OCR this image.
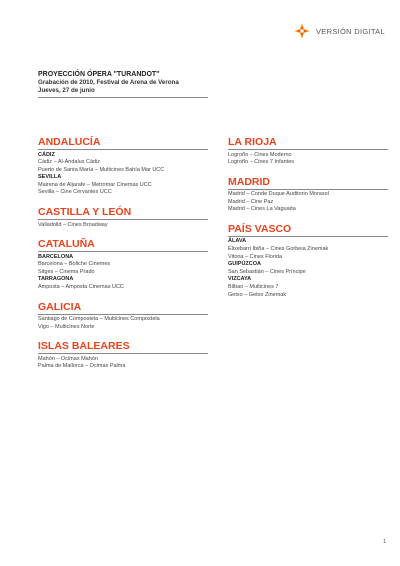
VERSIÓN DIGITAL
PROYECCIÓN ÓPERA "TURANDOT"
Grabación de 2010, Festival de Arena de Verona
Jueves, 27 de junio
ANDALUCÍA
CÁDIZ
Cádiz – Al-Andalus Cádiz
Puerto de Santa María – Multicines Bahía Mar UCC
SEVILLA
Mairena de Aljarafe – Metromar Cinemas UCC
Sevilla – Cine Cervantes UCC
CASTILLA Y LEÓN
Valladolid – Cines Broadway
CATALUÑA
BARCELONA
Barcelona – Boliche Cinemes
Sitges – Cinema Prado
TARRAGONA
Amposta – Amposta Cinemas UCC
GALICIA
Santiago de Compostela – Multicines Compostela
Vigo – Multicines Norte
ISLAS BALEARES
Mahón – Ocimax Mahón
Palma de Mallorca – Ocimax Palma
LA RIOJA
Logroño – Cines Moderno
Logroño – Cines 7 Infantes
MADRID
Madrid – Conde Duque Auditorio Morasol
Madrid – Cine Paz
Madrid – Cines La Vaguada
PAÍS VASCO
ÁLAVA
Elixebarri Ibiña – Cines Gorbeia Zinemak
Vitoria – Cines Florida
GUIPÚZCOA
San Sebastián – Cines Príncipe
VIZCAYA
Bilbao – Multicines 7
Getxo – Getxo Zinemak
1
